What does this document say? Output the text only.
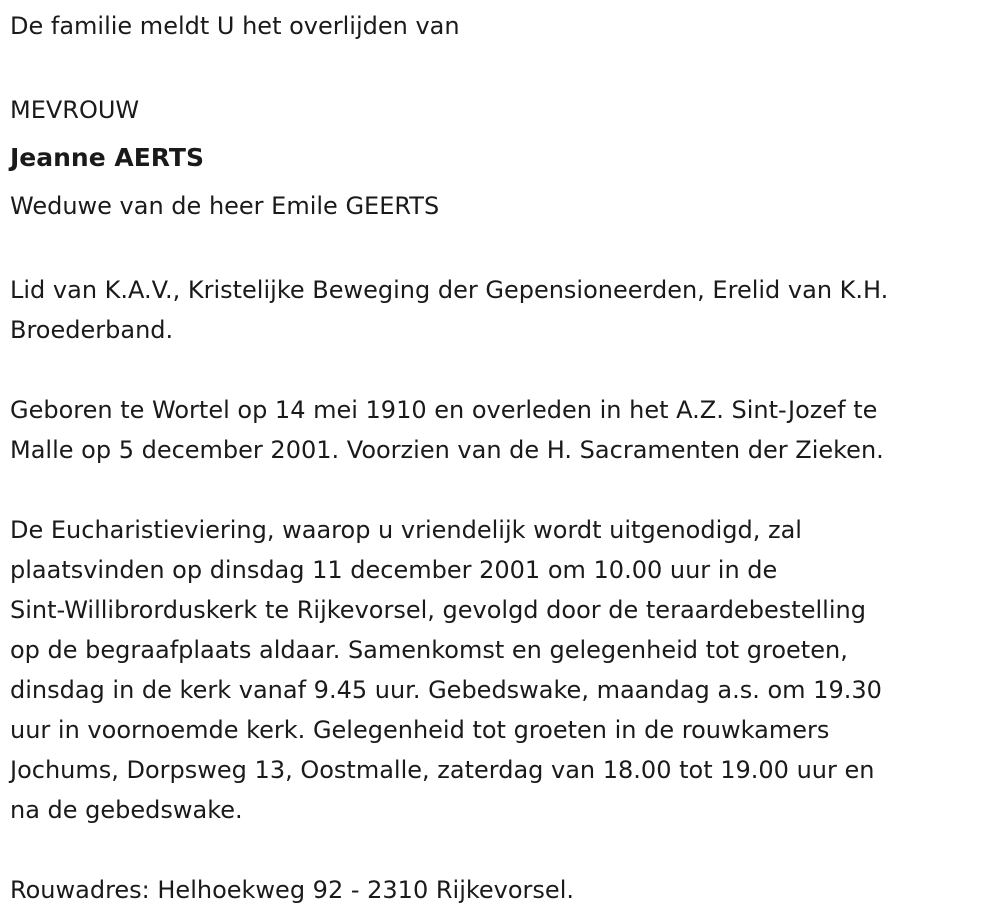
De familie meldt U het overlijden van

MEVROUW
Jeanne AERTS
Weduwe van de heer Emile GEERTS

Lid van K.A.V., Kristelijke Beweging der Gepensioneerden, Erelid van K.H.
Broederband.

Geboren te Wortel op 14 mei 1910 en overleden in het A.Z. Sint-Jozef te
Malle op 5 december 2001. Voorzien van de H. Sacramenten der Zieken.

De Eucharistieviering, waarop u vriendelijk wordt uitgenodigd, zal
plaatsvinden op dinsdag 11 december 2001 om 10.00 uur in de
Sint-Willibrorduskerk te Rijkevorsel, gevolgd door de teraardebestelling
op de begraafplaats aldaar. Samenkomst en gelegenheid tot groeten,
dinsdag in de kerk vanaf 9.45 uur. Gebedswake, maandag a.s. om 19.30
uur in voornoemde kerk. Gelegenheid tot groeten in de rouwkamers
Jochums, Dorpsweg 13, Oostmalle, zaterdag van 18.00 tot 19.00 uur en
na de gebedswake.

Rouwadres: Helhoekweg 92 - 2310 Rijkevorsel.
